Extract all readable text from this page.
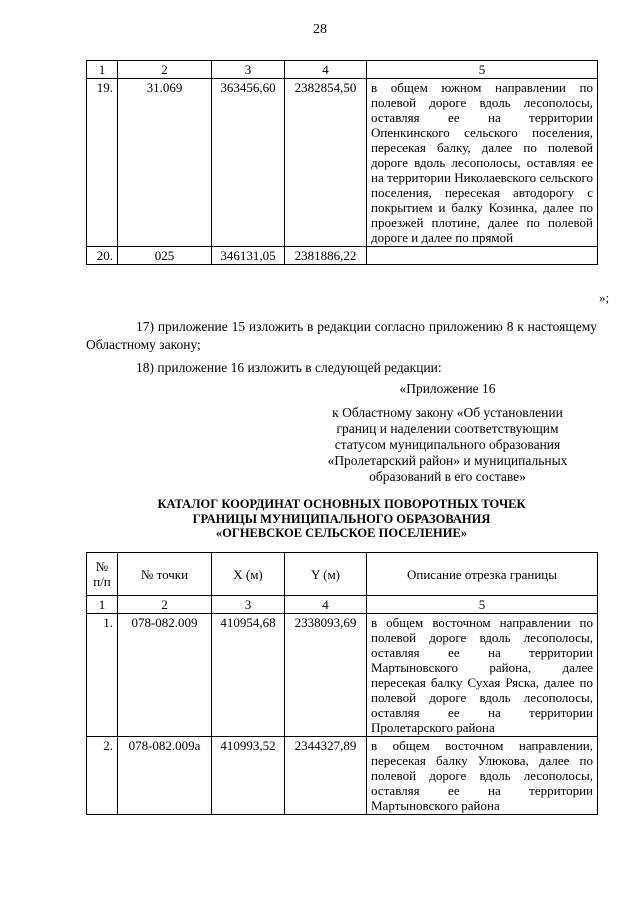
28
1	2	3	4	5
19.	31.069	363456,60	2382854,50	в общем южном направлении по полевой дороге вдоль лесополосы, оставляя ее на территории Опенкинского сельского поселения, пересекая балку, далее по полевой дороге вдоль лесополосы, оставляя ее на территории Николаевского сельского поселения, пересекая автодорогу с покрытием и балку Козинка, далее по проезжей плотине, далее по полевой дороге и далее по прямой
20.	025	346131,05	2381886,22	
»;
17) приложение 15 изложить в редакции согласно приложению 8 к настоящему Областному закону;
18) приложение 16 изложить в следующей редакции:
«Приложение 16
к Областному закону «Об установлении
границ и наделении соответствующим
статусом муниципального образования
«Пролетарский район» и муниципальных
образований в его составе»
КАТАЛОГ КООРДИНАТ ОСНОВНЫХ ПОВОРОТНЫХ ТОЧЕК
ГРАНИЦЫ МУНИЦИПАЛЬНОГО ОБРАЗОВАНИЯ
«ОГНЕВСКОЕ СЕЛЬСКОЕ ПОСЕЛЕНИЕ»
№
п/п	№ точки	X (м)	Y (м)	Описание отрезка границы
1	2	3	4	5
1.	078-082.009	410954,68	2338093,69	в общем восточном направлении по полевой дороге вдоль лесополосы, оставляя ее на территории Мартыновского района, далее пересекая балку Сухая Ряска, далее по полевой дороге вдоль лесополосы, оставляя ее на территории Пролетарского района
2.	078-082.009а	410993,52	2344327,89	в общем восточном направлении, пересекая балку Улюкова, далее по полевой дороге вдоль лесополосы, оставляя ее на территории Мартыновского района
